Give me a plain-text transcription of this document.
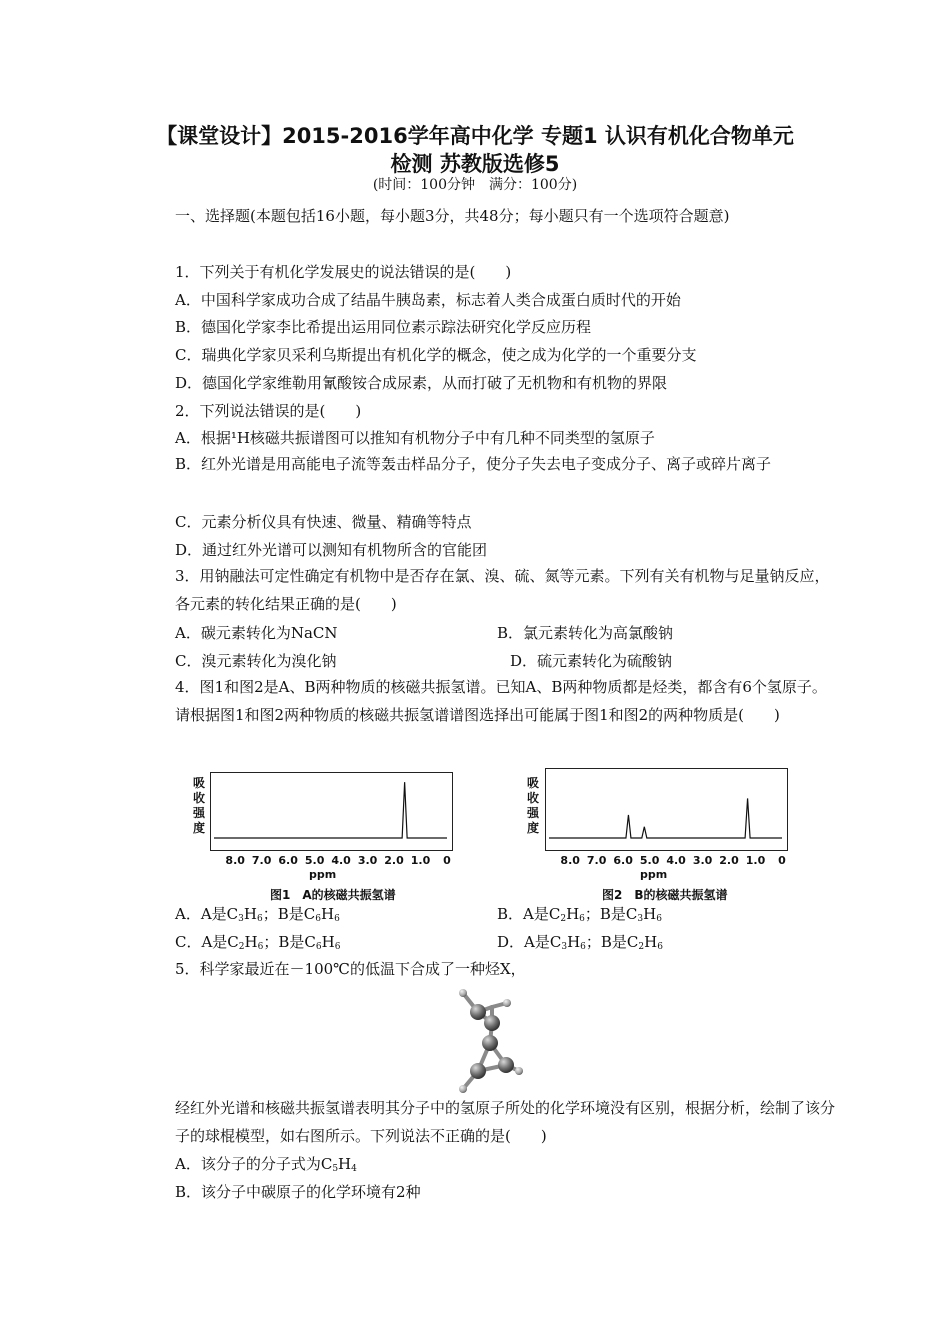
【课堂设计】2015-2016学年高中化学 专题1 认识有机化合物单元
检测 苏教版选修5
(时间：100分钟　满分：100分)
一、选择题(本题包括16小题，每小题3分，共48分；每小题只有一个选项符合题意)
1．下列关于有机化学发展史的说法错误的是(　　)
A．中国科学家成功合成了结晶牛胰岛素，标志着人类合成蛋白质时代的开始
B．德国化学家李比希提出运用同位素示踪法研究化学反应历程
C．瑞典化学家贝采利乌斯提出有机化学的概念，使之成为化学的一个重要分支
D．德国化学家维勒用氰酸铵合成尿素，从而打破了无机物和有机物的界限
2．下列说法错误的是(　　)
A．根据¹H核磁共振谱图可以推知有机物分子中有几种不同类型的氢原子
B．红外光谱是用高能电子流等轰击样品分子，使分子失去电子变成分子、离子或碎片离子
C．元素分析仪具有快速、微量、精确等特点
D．通过红外光谱可以测知有机物所含的官能团
3．用钠融法可定性确定有机物中是否存在氯、溴、硫、氮等元素。下列有关有机物与足量钠反应，各元素的转化结果正确的是(　　)
A．碳元素转化为NaCN	B．氯元素转化为高氯酸钠
C．溴元素转化为溴化钠	D．硫元素转化为硫酸钠
4．图1和图2是A、B两种物质的核磁共振氢谱。已知A、B两种物质都是烃类，都含有6个氢原子。请根据图1和图2两种物质的核磁共振氢谱谱图选择出可能属于图1和图2的两种物质是(　　)
吸收强度
8.0 7.0 6.0 5.0 4.0 3.0 2.0 1.0 0
ppm
图1　A的核磁共振氢谱
吸收强度
8.0 7.0 6.0 5.0 4.0 3.0 2.0 1.0 0
ppm
图2　B的核磁共振氢谱
A．A是$C_3H_6$；B是$C_6H_6$	B．A是$C_2H_6$；B是$C_3H_6$
C．A是$C_2H_6$；B是$C_6H_6$	D．A是$C_3H_6$；B是$C_2H_6$
5．科学家最近在－100℃的低温下合成了一种烃X，
经红外光谱和核磁共振氢谱表明其分子中的氢原子所处的化学环境没有区别，根据分析，绘制了该分子的球棍模型，如右图所示。下列说法不正确的是(　　)
A．该分子的分子式为$C_5H_4$
B．该分子中碳原子的化学环境有2种
